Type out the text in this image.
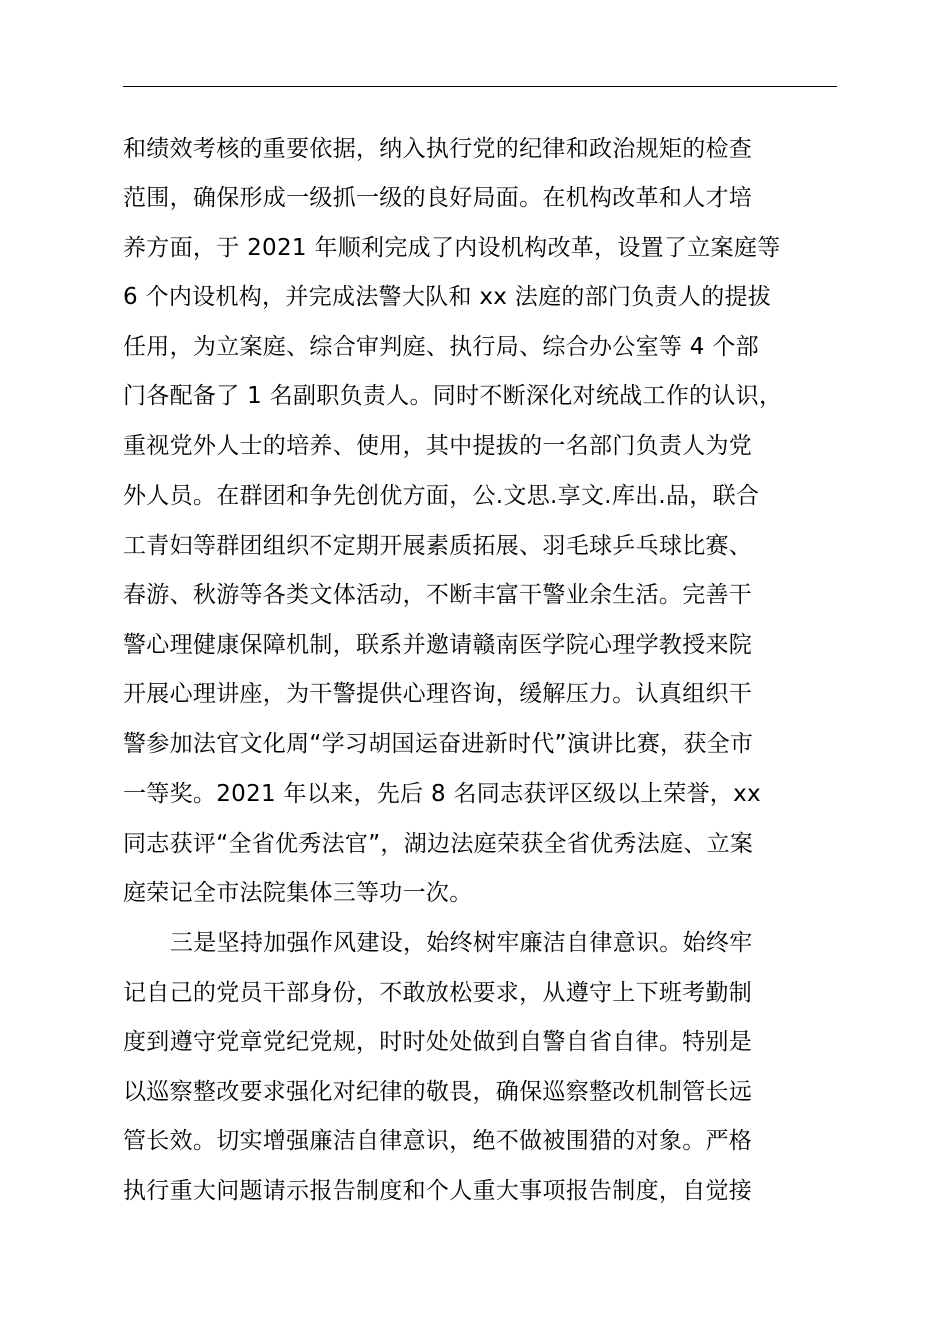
和绩效考核的重要依据，纳入执行党的纪律和政治规矩的检查
范围，确保形成一级抓一级的良好局面。在机构改革和人才培
养方面，于 2021 年顺利完成了内设机构改革，设置了立案庭等
6 个内设机构，并完成法警大队和 xx 法庭的部门负责人的提拔
任用，为立案庭、综合审判庭、执行局、综合办公室等 4 个部
门各配备了 1 名副职负责人。同时不断深化对统战工作的认识，
重视党外人士的培养、使用，其中提拔的一名部门负责人为党
外人员。在群团和争先创优方面，公.文思.享文.库出.品，联合
工青妇等群团组织不定期开展素质拓展、羽毛球乒乓球比赛、
春游、秋游等各类文体活动，不断丰富干警业余生活。完善干
警心理健康保障机制，联系并邀请赣南医学院心理学教授来院
开展心理讲座，为干警提供心理咨询，缓解压力。认真组织干
警参加法官文化周“学习胡国运奋进新时代”演讲比赛，获全市
一等奖。2021 年以来，先后 8 名同志获评区级以上荣誉，xx
同志获评“全省优秀法官”，湖边法庭荣获全省优秀法庭、立案
庭荣记全市法院集体三等功一次。
三是坚持加强作风建设，始终树牢廉洁自律意识。始终牢
记自己的党员干部身份，不敢放松要求，从遵守上下班考勤制
度到遵守党章党纪党规，时时处处做到自警自省自律。特别是
以巡察整改要求强化对纪律的敬畏，确保巡察整改机制管长远
管长效。切实增强廉洁自律意识，绝不做被围猎的对象。严格
执行重大问题请示报告制度和个人重大事项报告制度，自觉接
